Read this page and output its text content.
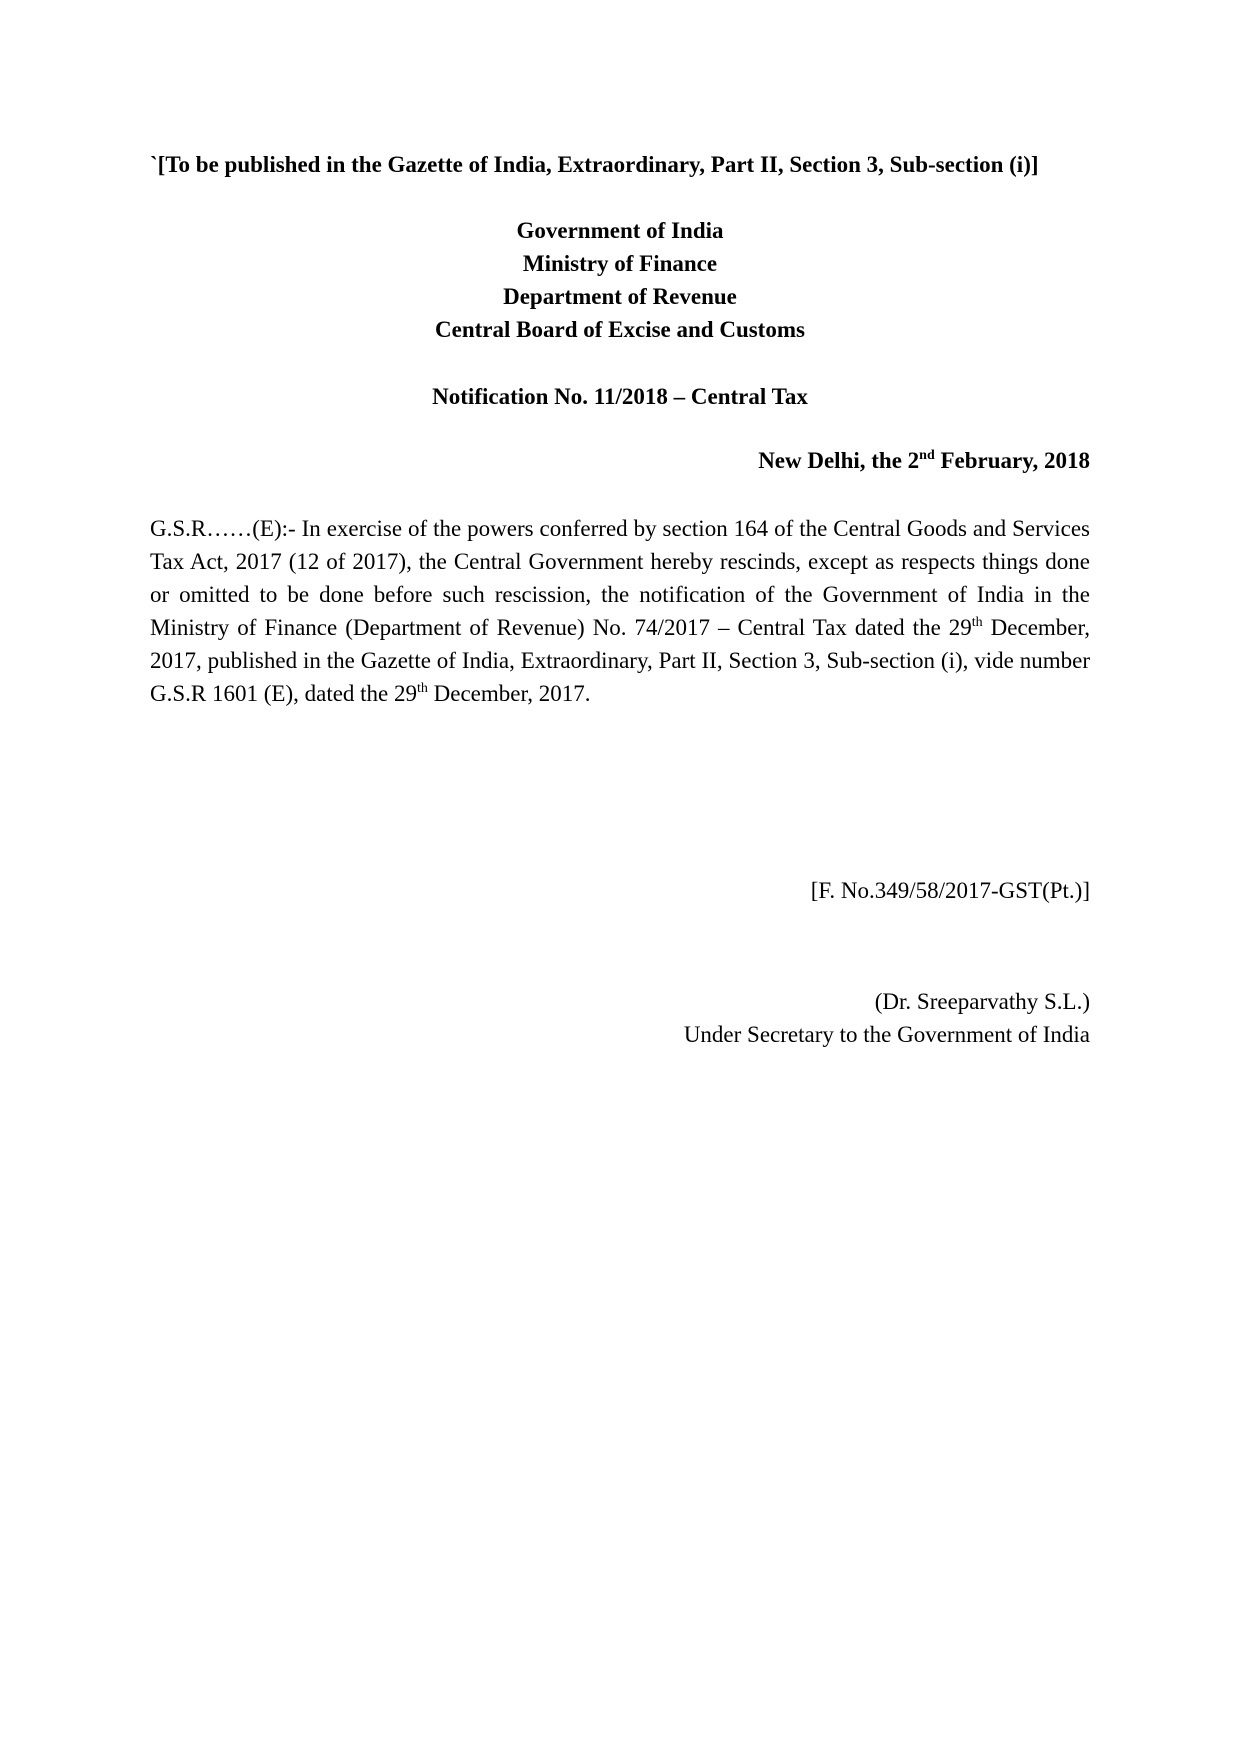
`[To be published in the Gazette of India, Extraordinary, Part II, Section 3, Sub-section (i)]
Government of India
Ministry of Finance
Department of Revenue
Central Board of Excise and Customs
Notification No. 11/2018 – Central Tax
New Delhi, the 2nd February, 2018
G.S.R……(E):- In exercise of the powers conferred by section 164 of the Central Goods and Services Tax Act, 2017 (12 of 2017), the Central Government hereby rescinds, except as respects things done or omitted to be done before such rescission, the notification of the Government of India in the Ministry of Finance (Department of Revenue) No. 74/2017 – Central Tax dated the 29th December, 2017, published in the Gazette of India, Extraordinary, Part II, Section 3, Sub-section (i), vide number G.S.R 1601 (E), dated the 29th December, 2017.
[F. No.349/58/2017-GST(Pt.)]
(Dr. Sreeparvathy S.L.)
Under Secretary to the Government of India
